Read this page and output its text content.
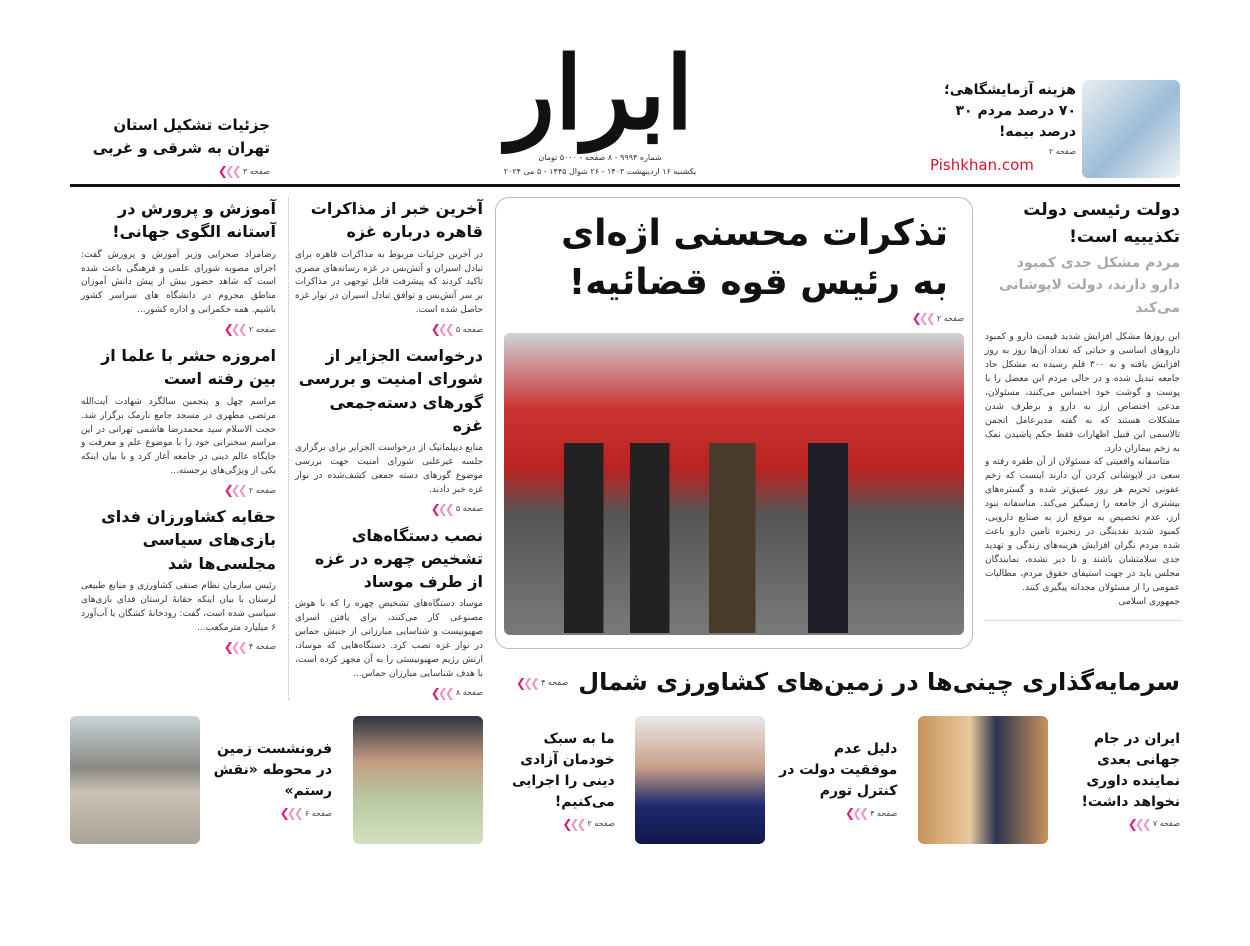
هزینه آزمایشگاهی؛ ۷۰ درصد مردم ۳۰ درصد بیمه!
صفحه ۲
Pishkhan.com
ابرار
شماره ۹۹۹۴ - ۸ صفحه - ۵۰۰۰ تومان
یکشنبه ۱۶ اردیبهشت ۱۴۰۳ - ۲۶ شوال ۱۴۴۵ - ۵ می ۲۰۲۴
جزئیات تشکیل استان تهران به شرقی و غربی
❮❮❮ صفحه ۳
دولت رئیسی دولت تکذیبیه است!
مردم مشکل جدی کمبود دارو دارند، دولت لاپوشانی می‌کند
این روزها مشکل افزایش شدید قیمت دارو و کمبود داروهای اساسی و حیاتی که تعداد آن‌ها روز به روز افزایش یافته و به ۳۰۰ قلم رسیده به مشکل حاد جامعه تبدیل شده و در حالی مردم این معضل را با پوست و گوشت خود احساس می‌کنند، مسئولان، مدعی اختصاص ارز به دارو و برطرف شدن مشکلات هستند که به گفته مدیرعامل انجمن تالاسمی این قبیل اظهارات فقط حکم پاشیدن نمک به زخم بیماران دارد.
متاسفانه واقعیتی که مسئولان از آن طفره رفته و سعی در لاپوشانی کردن آن دارند اینست که زخم عفونی تحریم هر روز عمیق‌تر شده و گستره‌های بیشتری از جامعه را زمینگیر می‌کند. متاسفانه نبود ارز، عدم تخصیص به موقع ارز به صنایع دارویی، کمبود شدید نقدینگی در زنجیره تامین دارو باعث شده مردم نگران افزایش هزینه‌های زندگی و تهدید جدی سلامتشان باشند و تا دیر نشده، نمایندگان مجلس باید در جهت استیفای حقوق مردم، مطالبات عمومی را از مسئولان مجدانه پیگیری کنند.
جمهوری اسلامی
تذکرات محسنی اژه‌ای به رئیس قوه قضائیه!
❮❮❮ صفحه ۲
سرمایه‌گذاری چینی‌ها در زمین‌های کشاورزی شمال
❮❮❮ صفحه ۴
آخرین خبر از مذاکرات قاهره درباره غزه
در آخرین جزئیات مربوط به مذاکرات قاهره برای تبادل اسیران و آتش‌بس در غزه رسانه‌های مصری تاکید کردند که پیشرفت قابل توجهی در مذاکرات بر سر آتش‌بس و توافق تبادل اسیران در نوار غزه حاصل شده است.
❮❮❮ صفحه ۵
درخواست الجزایر از شورای امنیت و بررسی گورهای دسته‌جمعی غزه
منابع دیپلماتیک از درخواست الجزایر برای برگزاری جلسه غیرعلنی شورای امنیت جهت بررسی موضوع گورهای دسته جمعی کشف‌شده در نوار غزه خبر دادند.
❮❮❮ صفحه ۵
نصب دستگاه‌های تشخیص چهره در غزه از طرف موساد
موساد دستگاه‌های تشخیص چهره را که با هوش مصنوعی کار می‌کنند، برای یافتن اسرای صهیونیست و شناسایی مبارزانی از جنبش حماس در نوار غزه نصب کرد. دستگاه‌هایی که موساد، ارتش رژیم صهیونیستی را به آن مجهز کرده است، با هدف شناسایی مبارزان حماس...
❮❮❮ صفحه ۸
آموزش و پرورش در آستانه الگوی جهانی!
رضامراد صحرایی وزیر آموزش و پرورش گفت: اجرای مصوبه شورای علمی و فرهنگی باعث شده است که شاهد حضور بیش از پیش دانش آموزان مناطق محروم در دانشگاه های سراسر کشور باشیم. همه حکمرانی و اداره کشور...
❮❮❮ صفحه ۲
امروزه حشر با علما از بین رفته است
مراسم چهل و پنجمین سالگرد شهادت آیت‌الله مرتضی مطهری در مسجد جامع نارمک برگزار شد. حجت الاسلام سید محمدرضا هاشمی تهرانی در این مراسم سخنرانی خود را با موضوع علم و معرفت و جایگاه عالم دینی در جامعه آغاز کرد و با بیان اینکه یکی از ویژگی‌های برجسته...
❮❮❮ صفحه ۲
حقابه کشاورزان فدای بازی‌های سیاسی مجلسی‌ها شد
رئیس سازمان نظام صنفی کشاورزی و منابع طبیعی لرستان با بیان اینکه حقابهٔ لرستان فدای بازی‌های سیاسی شده است، گفت: رودخانهٔ کشگان با آب‌آورد ۶ میلیارد مترمکعب...
❮❮❮ صفحه ۴
ایران در جام جهانی بعدی نماینده داوری نخواهد داشت!
❮❮❮ صفحه ۷
دلیل عدم موفقیت دولت در کنترل تورم
❮❮❮ صفحه ۴
ما به سبک خودمان آزادی دینی را اجرایی می‌کنیم!
❮❮❮ صفحه ۲
فرونشست زمین در محوطه «نقش رستم»
❮❮❮ صفحه ۶
